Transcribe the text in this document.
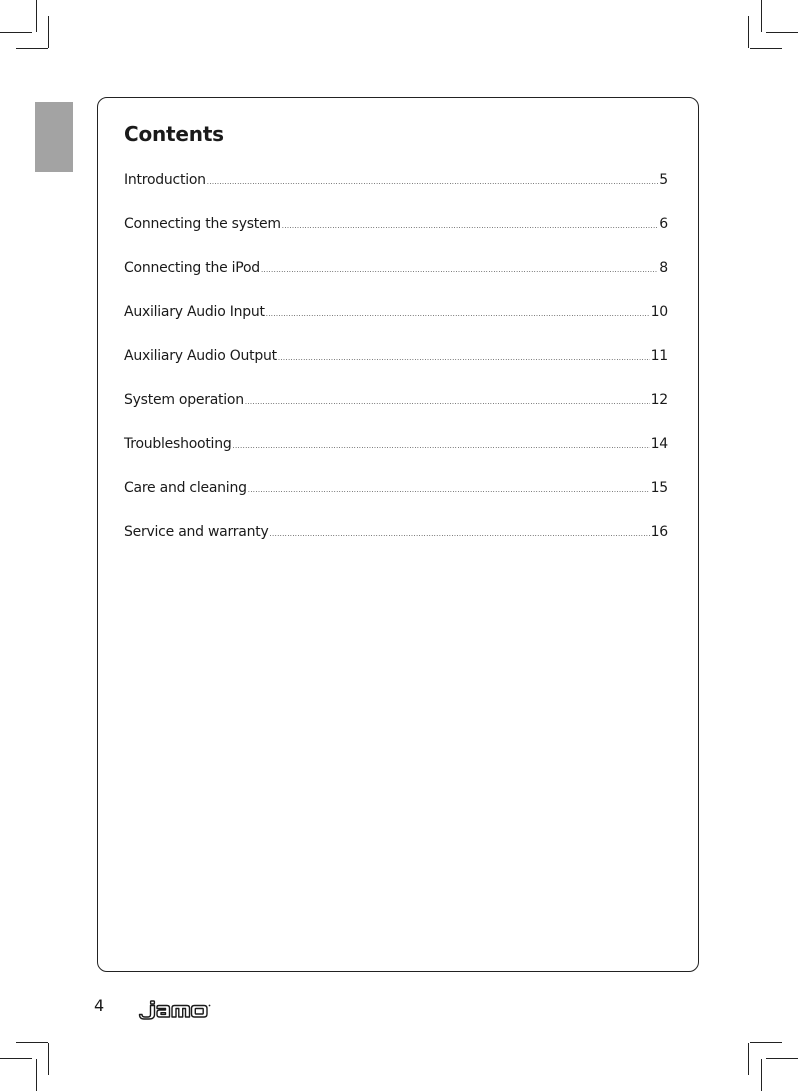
Contents
Introduction .....	5
Connecting the system .....	6
Connecting the iPod .....	8
Auxiliary Audio Input .....	10
Auxiliary Audio Output .....	11
System operation .....	12
Troubleshooting .....	14
Care and cleaning .....	15
Service and warranty .....	16
4
